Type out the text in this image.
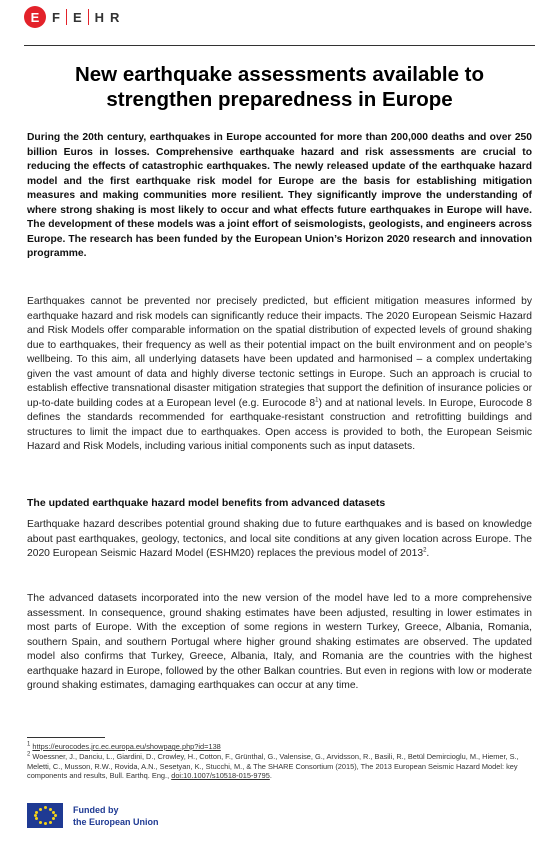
E F E H R
New earthquake assessments available to strengthen preparedness in Europe

During the 20th century, earthquakes in Europe accounted for more than 200,000 deaths and over 250 billion Euros in losses. Comprehensive earthquake hazard and risk assessments are crucial to reducing the effects of catastrophic earthquakes. The newly released update of the earthquake hazard model and the first earthquake risk model for Europe are the basis for establishing mitigation measures and making communities more resilient. They significantly improve the understanding of where strong shaking is most likely to occur and what effects future earthquakes in Europe will have. The development of these models was a joint effort of seismologists, geologists, and engineers across Europe. The research has been funded by the European Union’s Horizon 2020 research and innovation programme.

Earthquakes cannot be prevented nor precisely predicted, but efficient mitigation measures informed by earthquake hazard and risk models can significantly reduce their impacts. The 2020 European Seismic Hazard and Risk Models offer comparable information on the spatial distribution of expected levels of ground shaking due to earthquakes, their frequency as well as their potential impact on the built environment and on people’s wellbeing. To this aim, all underlying datasets have been updated and harmonised – a complex undertaking given the vast amount of data and highly diverse tectonic settings in Europe. Such an approach is crucial to establish effective transnational disaster mitigation strategies that support the definition of insurance policies or up-to-date building codes at a European level (e.g. Eurocode $8^1$) and at national levels. In Europe, Eurocode 8 defines the standards recommended for earthquake-resistant construction and retrofitting buildings and structures to limit the impact due to earthquakes. Open access is provided to both, the European Seismic Hazard and Risk Models, including various initial components such as input datasets.

The updated earthquake hazard model benefits from advanced datasets

Earthquake hazard describes potential ground shaking due to future earthquakes and is based on knowledge about past earthquakes, geology, tectonics, and local site conditions at any given location across Europe. The 2020 European Seismic Hazard Model (ESHM20) replaces the previous model of 2013$^2$.

The advanced datasets incorporated into the new version of the model have led to a more comprehensive assessment. In consequence, ground shaking estimates have been adjusted, resulting in lower estimates in most parts of Europe. With the exception of some regions in western Turkey, Greece, Albania, Romania, southern Spain, and southern Portugal where higher ground shaking estimates are observed. The updated model also confirms that Turkey, Greece, Albania, Italy, and Romania are the countries with the highest earthquake hazard in Europe, followed by the other Balkan countries. But even in regions with low or moderate ground shaking estimates, damaging earthquakes can occur at any time.

$^1$ https://eurocodes.jrc.ec.europa.eu/showpage.php?id=138
$^2$ Woessner, J., Danciu, L., Giardini, D., Crowley, H., Cotton, F., Grünthal, G., Valensise, G., Arvidsson, R., Basili, R., Betül Demircioglu, M., Hiemer, S., Meletti, C., Musson, R.W., Rovida, A.N., Sesetyan, K., Stucchi, M., & The SHARE Consortium (2015), The 2013 European Seismic Hazard Model: key components and results, Bull. Earthq. Eng., doi:10.1007/s10518-015-9795.
Funded by
the European Union
